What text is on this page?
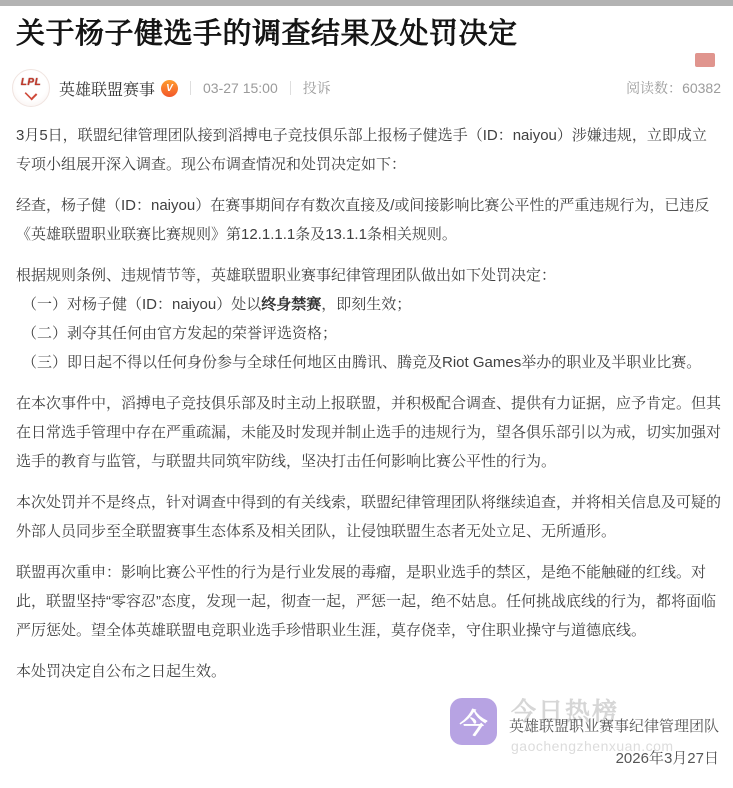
关于杨子健选手的调查结果及处罚决定
LPL 英雄联盟赛事	V	03-27 15:00 投诉	阅读数：60382

3月5日，联盟纪律管理团队接到滔搏电子竞技俱乐部上报杨子健选手（ID：naiyou）涉嫌违规，立即成立专项小组展开深入调查。现公布调查情况和处罚决定如下：

经查，杨子健（ID：naiyou）在赛事期间存有数次直接及/或间接影响比赛公平性的严重违规行为，已违反《英雄联盟职业联赛比赛规则》第12.1.1.1条及13.1.1条相关规则。

根据规则条例、违规情节等，英雄联盟职业赛事纪律管理团队做出如下处罚决定：

（一）对杨子健（ID：naiyou）处以终身禁赛，即刻生效；

（二）剥夺其任何由官方发起的荣誉评选资格；

（三）即日起不得以任何身份参与全球任何地区由腾讯、腾竞及Riot Games举办的职业及半职业比赛。

在本次事件中，滔搏电子竞技俱乐部及时主动上报联盟，并积极配合调查、提供有力证据，应予肯定。但其在日常选手管理中存在严重疏漏，未能及时发现并制止选手的违规行为，望各俱乐部引以为戒，切实加强对选手的教育与监管，与联盟共同筑牢防线，坚决打击任何影响比赛公平性的行为。

本次处罚并不是终点，针对调查中得到的有关线索，联盟纪律管理团队将继续追查，并将相关信息及可疑的外部人员同步至全联盟赛事生态体系及相关团队，让侵蚀联盟生态者无处立足、无所遁形。

联盟再次重申：影响比赛公平性的行为是行业发展的毒瘤，是职业选手的禁区，是绝不能触碰的红线。对此，联盟坚持“零容忍”态度，发现一起，彻查一起，严惩一起，绝不姑息。任何挑战底线的行为，都将面临严厉惩处。望全体英雄联盟电竞职业选手珍惜职业生涯，莫存侥幸，守住职业操守与道德底线。

本处罚决定自公布之日起生效。

今 今日热榜
gaochengzhenxuan.com
英雄联盟职业赛事纪律管理团队
2026年3月27日
